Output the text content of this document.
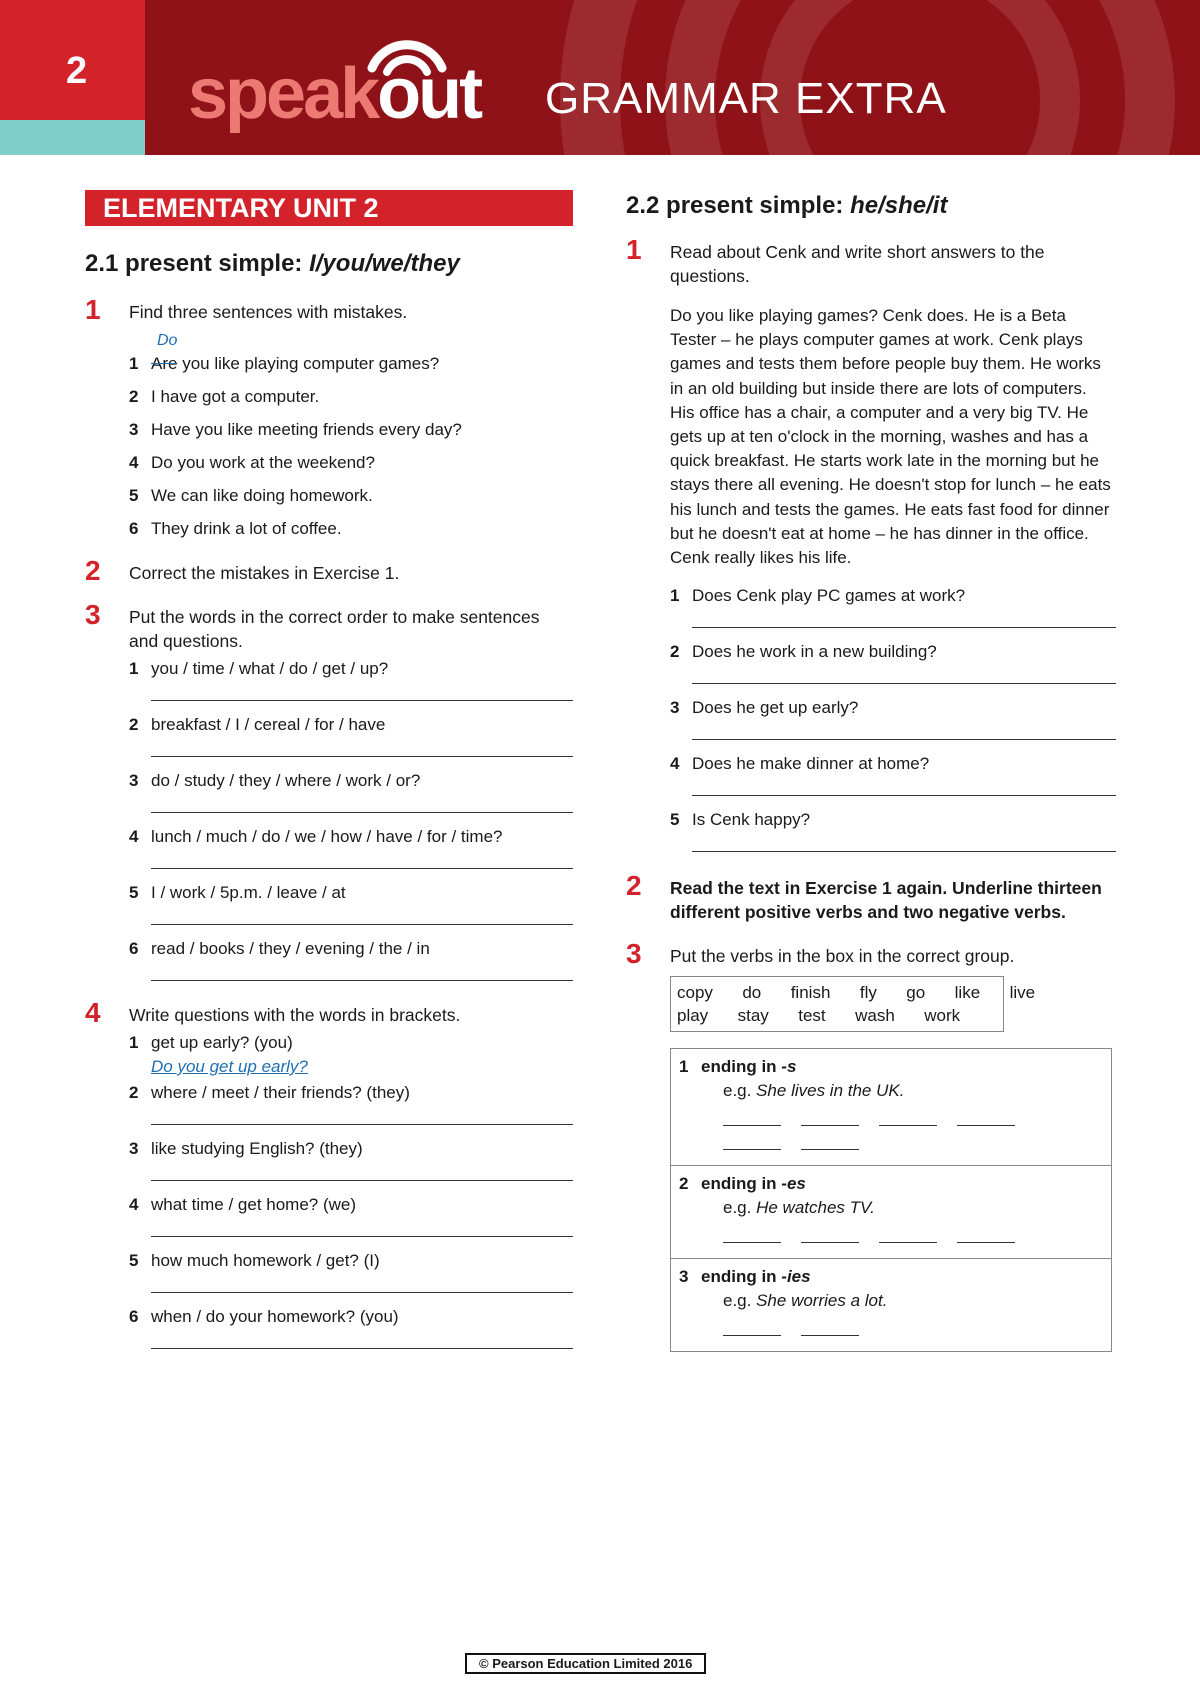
2 speakout GRAMMAR EXTRA
ELEMENTARY UNIT 2
2.1 present simple: I/you/we/they
1 Find three sentences with mistakes.
Do
1 Are you like playing computer games?
2 I have got a computer.
3 Have you like meeting friends every day?
4 Do you work at the weekend?
5 We can like doing homework.
6 They drink a lot of coffee.
2 Correct the mistakes in Exercise 1.
3 Put the words in the correct order to make sentences and questions.
1 you / time / what / do / get / up?
2 breakfast / I / cereal / for / have
3 do / study / they / where / work / or?
4 lunch / much / do / we / how / have / for / time?
5 I / work / 5p.m. / leave / at
6 read / books / they / evening / the / in
4 Write questions with the words in brackets.
1 get up early? (you)
Do you get up early?
2 where / meet / their friends? (they)
3 like studying English? (they)
4 what time / get home? (we)
5 how much homework / get? (I)
6 when / do your homework? (you)
2.2 present simple: he/she/it
1 Read about Cenk and write short answers to the questions.
Do you like playing games? Cenk does. He is a Beta Tester – he plays computer games at work. Cenk plays games and tests them before people buy them. He works in an old building but inside there are lots of computers. His office has a chair, a computer and a very big TV. He gets up at ten o'clock in the morning, washes and has a quick breakfast. He starts work late in the morning but he stays there all evening. He doesn't stop for lunch – he eats his lunch and tests the games. He eats fast food for dinner but he doesn't eat at home – he has dinner in the office. Cenk really likes his life.
1 Does Cenk play PC games at work?
2 Does he work in a new building?
3 Does he get up early?
4 Does he make dinner at home?
5 Is Cenk happy?
2 Read the text in Exercise 1 again. Underline thirteen different positive verbs and two negative verbs.
3 Put the verbs in the box in the correct group.
copy  do  finish  fly  go  like  live
play  stay  test  wash  work
1 ending in -s
e.g. She lives in the UK.

2 ending in -es
e.g. He watches TV.
3 ending in -ies
e.g. She worries a lot.
© Pearson Education Limited 2016
